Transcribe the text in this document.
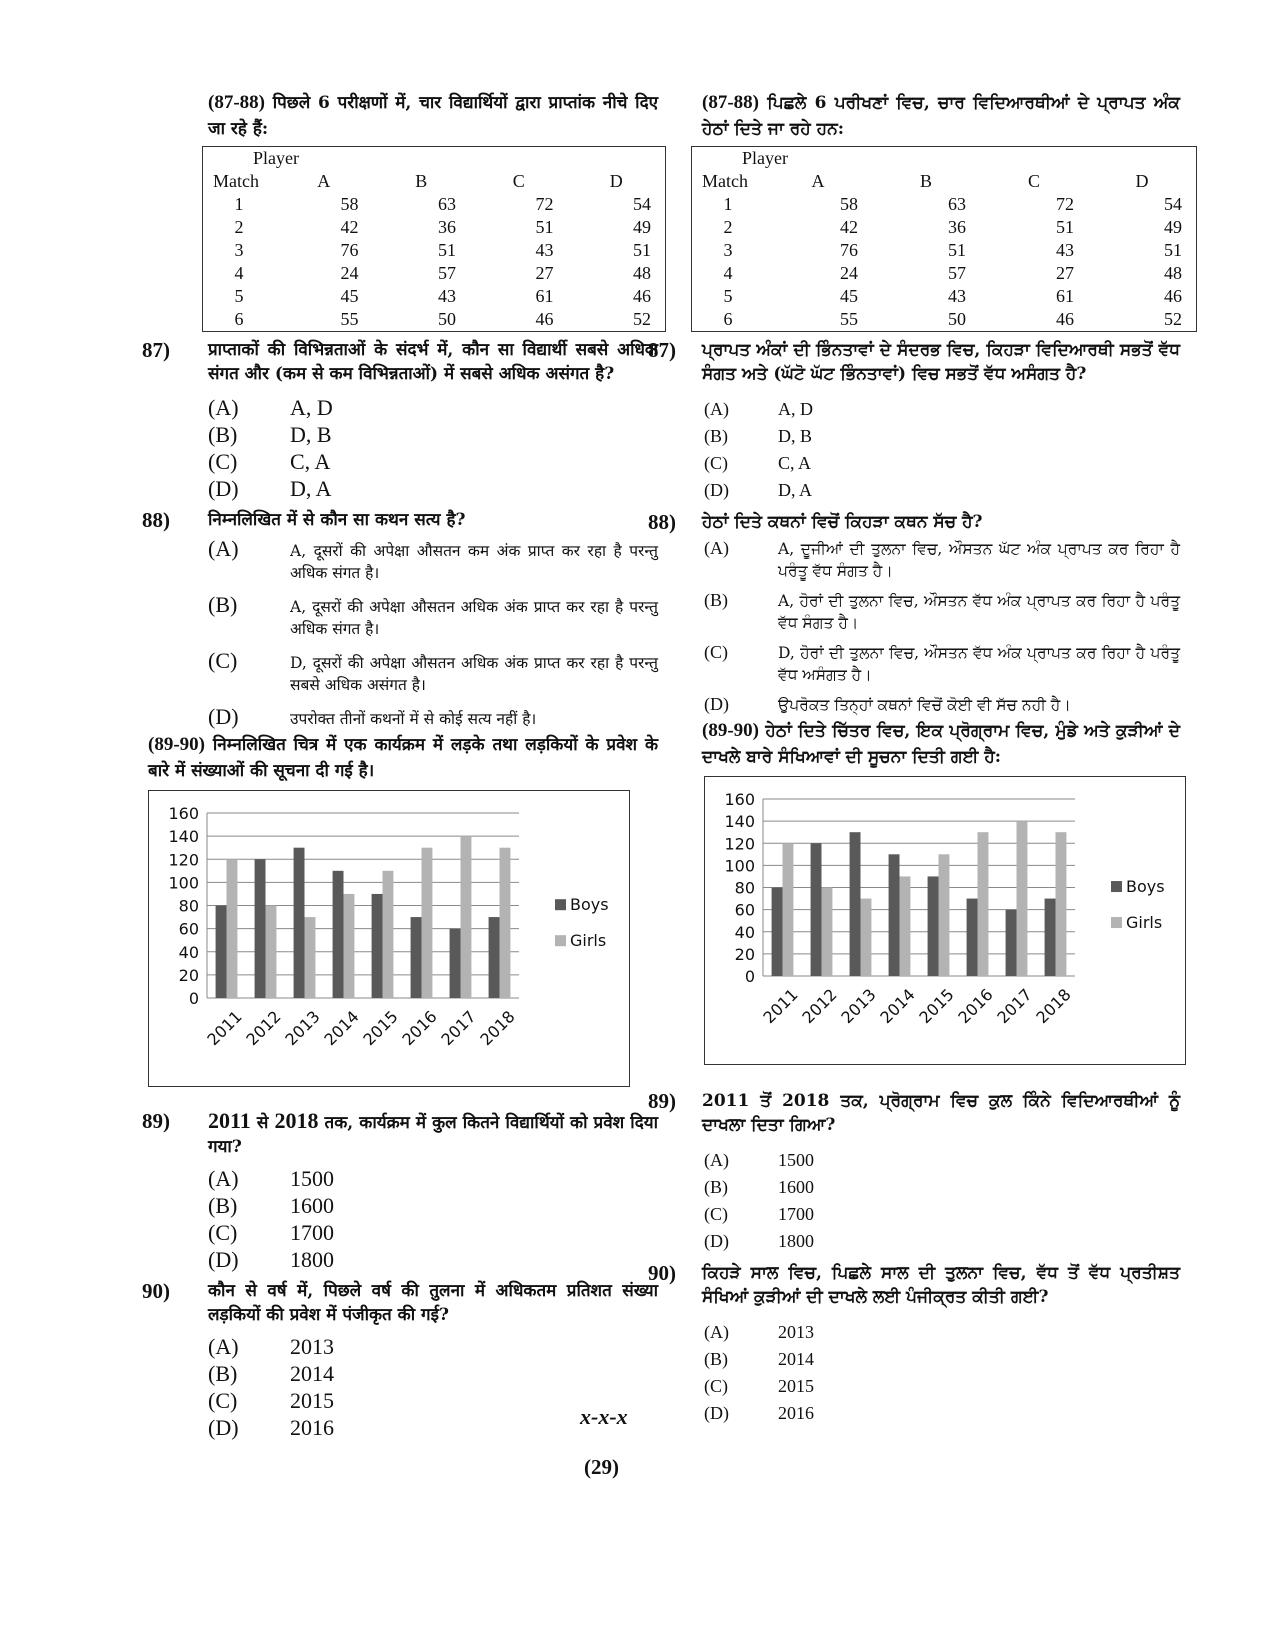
(87-88) पिछले 6 परीक्षणों में, चार विद्यार्थियों द्वारा प्राप्तांक नीचे दिए जा रहे हैं:
Player				
Match	A	B	C	D
1	58	63	72	54
2	42	36	51	49
3	76	51	43	51
4	24	57	27	48
5	45	43	61	46
6	55	50	46	52
87)	प्राप्ताकों की विभिन्नताओं के संदर्भ में, कौन सा विद्यार्थी सबसे अधिक संगत और (कम से कम विभिन्नताओं) में सबसे अधिक असंगत है?
(A)	A, D
(B)	D, B
(C)	C, A
(D)	D, A
88)	निम्नलिखित में से कौन सा कथन सत्य है?
(A)	A, दूसरों की अपेक्षा औसतन कम अंक प्राप्त कर रहा है परन्तु अधिक संगत है।
(B)	A, दूसरों की अपेक्षा औसतन अधिक अंक प्राप्त कर रहा है परन्तु अधिक संगत है।
(C)	D, दूसरों की अपेक्षा औसतन अधिक अंक प्राप्त कर रहा है परन्तु सबसे अधिक असंगत है।
(D)	उपरोक्त तीनों कथनों में से कोई सत्य नहीं है।
(89-90) निम्नलिखित चित्र में एक कार्यक्रम में लड़के तथा लड़कियों के प्रवेश के बारे में संख्याओं की सूचना दी गई है।
0
20
40
60
80
100
120
140
160
2011
2012
2013
2014
2015
2016
2017
2018
Boys
Girls
89)	2011 से 2018 तक, कार्यक्रम में कुल कितने विद्यार्थियों को प्रवेश दिया गया?
(A)	1500
(B)	1600
(C)	1700
(D)	1800
90)	कौन से वर्ष में, पिछले वर्ष की तुलना में अधिकतम प्रतिशत संख्या लड़कियों की प्रवेश में पंजीकृत की गई?
(A)	2013
(B)	2014
(C)	2015
(D)	2016
(87-88) ਪਿਛਲੇ 6 ਪਰੀਖਣਾਂ ਵਿਚ, ਚਾਰ ਵਿਦਿਆਰਥੀਆਂ ਦੇ ਪ੍ਰਾਪਤ ਅੰਕ ਹੇਠਾਂ ਦਿਤੇ ਜਾ ਰਹੇ ਹਨ:
Player				
Match	A	B	C	D
1	58	63	72	54
2	42	36	51	49
3	76	51	43	51
4	24	57	27	48
5	45	43	61	46
6	55	50	46	52
87)	ਪ੍ਰਾਪਤ ਅੰਕਾਂ ਦੀ ਭਿੰਨਤਾਵਾਂ ਦੇ ਸੰਦਰਭ ਵਿਚ, ਕਿਹੜਾ ਵਿਦਿਆਰਥੀ ਸਭਤੋਂ ਵੱਧ ਸੰਗਤ ਅਤੇ (ਘੱਟੋ ਘੱਟ ਭਿੰਨਤਾਵਾਂ) ਵਿਚ ਸਭਤੋਂ ਵੱਧ ਅਸੰਗਤ ਹੈ?
(A)	A, D
(B)	D, B
(C)	C, A
(D)	D, A
88)	ਹੇਠਾਂ ਦਿਤੇ ਕਥਨਾਂ ਵਿਚੋਂ ਕਿਹੜਾ ਕਥਨ ਸੱਚ ਹੈ?
(A)	A, ਦੂਜੀਆਂ ਦੀ ਤੁਲਨਾ ਵਿਚ, ਔਸਤਨ ਘੱਟ ਅੰਕ ਪ੍ਰਾਪਤ ਕਰ ਰਿਹਾ ਹੈ ਪਰੰਤੂ ਵੱਧ ਸੰਗਤ ਹੈ।
(B)	A, ਹੋਰਾਂ ਦੀ ਤੁਲਨਾ ਵਿਚ, ਔਸਤਨ ਵੱਧ ਅੰਕ ਪ੍ਰਾਪਤ ਕਰ ਰਿਹਾ ਹੈ ਪਰੰਤੂ ਵੱਧ ਸੰਗਤ ਹੈ।
(C)	D, ਹੋਰਾਂ ਦੀ ਤੁਲਨਾ ਵਿਚ, ਔਸਤਨ ਵੱਧ ਅੰਕ ਪ੍ਰਾਪਤ ਕਰ ਰਿਹਾ ਹੈ ਪਰੰਤੂ ਵੱਧ ਅਸੰਗਤ ਹੈ।
(D)	ਉਪਰੋਕਤ ਤਿਨ੍ਹਾਂ ਕਥਨਾਂ ਵਿਚੋਂ ਕੋਈ ਵੀ ਸੱਚ ਨਹੀ ਹੈ।
(89-90) ਹੇਠਾਂ ਦਿਤੇ ਚਿੱਤਰ ਵਿਚ, ਇਕ ਪ੍ਰੋਗ੍ਰਾਮ ਵਿਚ, ਮੁੰਡੇ ਅਤੇ ਕੁੜੀਆਂ ਦੇ ਦਾਖਲੇ ਬਾਰੇ ਸੰਖਿਆਵਾਂ ਦੀ ਸੂਚਨਾ ਦਿਤੀ ਗਈ ਹੈ:
0
20
40
60
80
100
120
140
160
2011
2012
2013
2014
2015
2016
2017
2018
Boys
Girls
89)	2011 ਤੋਂ 2018 ਤਕ, ਪ੍ਰੋਗ੍ਰਾਮ ਵਿਚ ਕੁਲ ਕਿੰਨੇ ਵਿਦਿਆਰਥੀਆਂ ਨੂੰ ਦਾਖਲਾ ਦਿਤਾ ਗਿਆ?
(A)	1500
(B)	1600
(C)	1700
(D)	1800
90)	ਕਿਹੜੇ ਸਾਲ ਵਿਚ, ਪਿਛਲੇ ਸਾਲ ਦੀ ਤੁਲਨਾ ਵਿਚ, ਵੱਧ ਤੋਂ ਵੱਧ ਪ੍ਰਤੀਸ਼ਤ ਸੰਖਿਆਂ ਕੁੜੀਆਂ ਦੀ ਦਾਖਲੇ ਲਈ ਪੰਜੀਕ੍ਰਤ ਕੀਤੀ ਗਈ?
(A)	2013
(B)	2014
(C)	2015
(D)	2016
x-x-x
(29)
